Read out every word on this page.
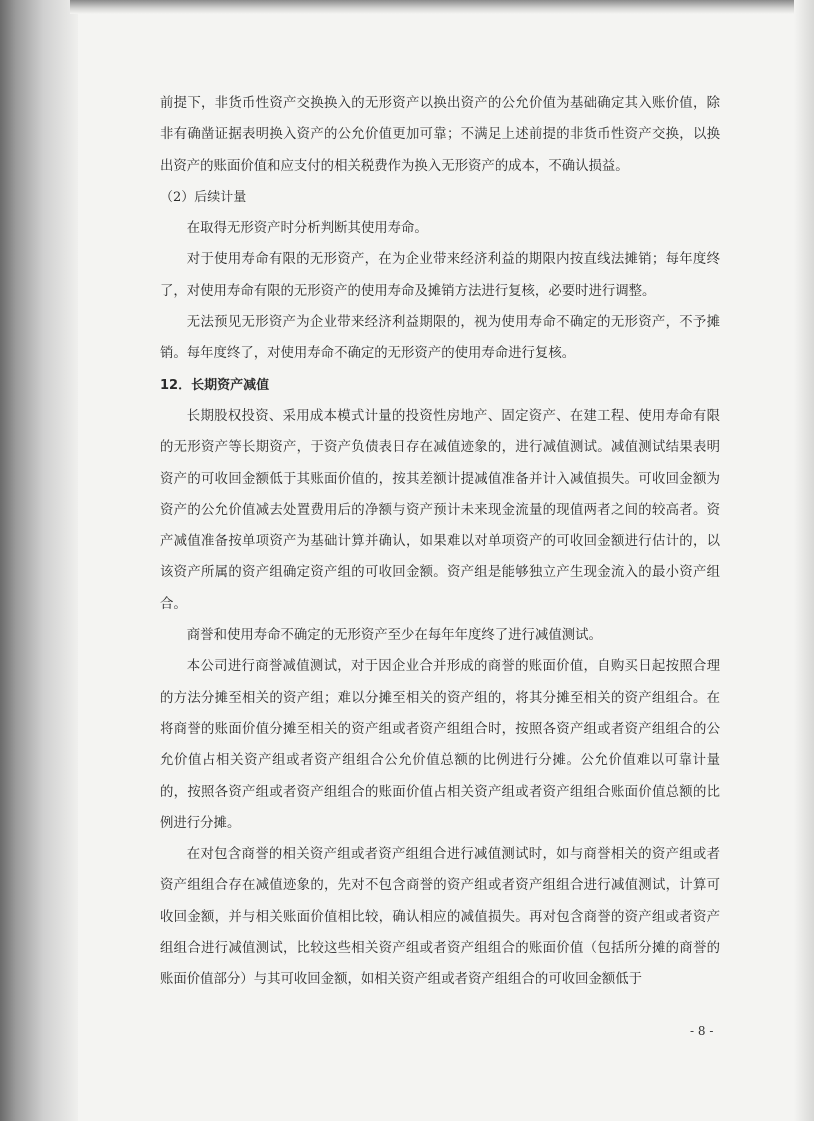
前提下，非货币性资产交换换入的无形资产以换出资产的公允价值为基础确定其入账价值，除非有确凿证据表明换入资产的公允价值更加可靠；不满足上述前提的非货币性资产交换，以换出资产的账面价值和应支付的相关税费作为换入无形资产的成本，不确认损益。

（2）后续计量

在取得无形资产时分析判断其使用寿命。

对于使用寿命有限的无形资产，在为企业带来经济利益的期限内按直线法摊销；每年度终了，对使用寿命有限的无形资产的使用寿命及摊销方法进行复核，必要时进行调整。

无法预见无形资产为企业带来经济利益期限的，视为使用寿命不确定的无形资产，不予摊销。每年度终了，对使用寿命不确定的无形资产的使用寿命进行复核。

12．长期资产减值

长期股权投资、采用成本模式计量的投资性房地产、固定资产、在建工程、使用寿命有限的无形资产等长期资产，于资产负债表日存在减值迹象的，进行减值测试。减值测试结果表明资产的可收回金额低于其账面价值的，按其差额计提减值准备并计入减值损失。可收回金额为资产的公允价值减去处置费用后的净额与资产预计未来现金流量的现值两者之间的较高者。资产减值准备按单项资产为基础计算并确认，如果难以对单项资产的可收回金额进行估计的，以该资产所属的资产组确定资产组的可收回金额。资产组是能够独立产生现金流入的最小资产组合。

商誉和使用寿命不确定的无形资产至少在每年年度终了进行减值测试。

本公司进行商誉减值测试，对于因企业合并形成的商誉的账面价值，自购买日起按照合理的方法分摊至相关的资产组；难以分摊至相关的资产组的，将其分摊至相关的资产组组合。在将商誉的账面价值分摊至相关的资产组或者资产组组合时，按照各资产组或者资产组组合的公允价值占相关资产组或者资产组组合公允价值总额的比例进行分摊。公允价值难以可靠计量的，按照各资产组或者资产组组合的账面价值占相关资产组或者资产组组合账面价值总额的比例进行分摊。

在对包含商誉的相关资产组或者资产组组合进行减值测试时，如与商誉相关的资产组或者资产组组合存在减值迹象的，先对不包含商誉的资产组或者资产组组合进行减值测试，计算可收回金额，并与相关账面价值相比较，确认相应的减值损失。再对包含商誉的资产组或者资产组组合进行减值测试，比较这些相关资产组或者资产组组合的账面价值（包括所分摊的商誉的账面价值部分）与其可收回金额，如相关资产组或者资产组组合的可收回金额低于

- 8 -
